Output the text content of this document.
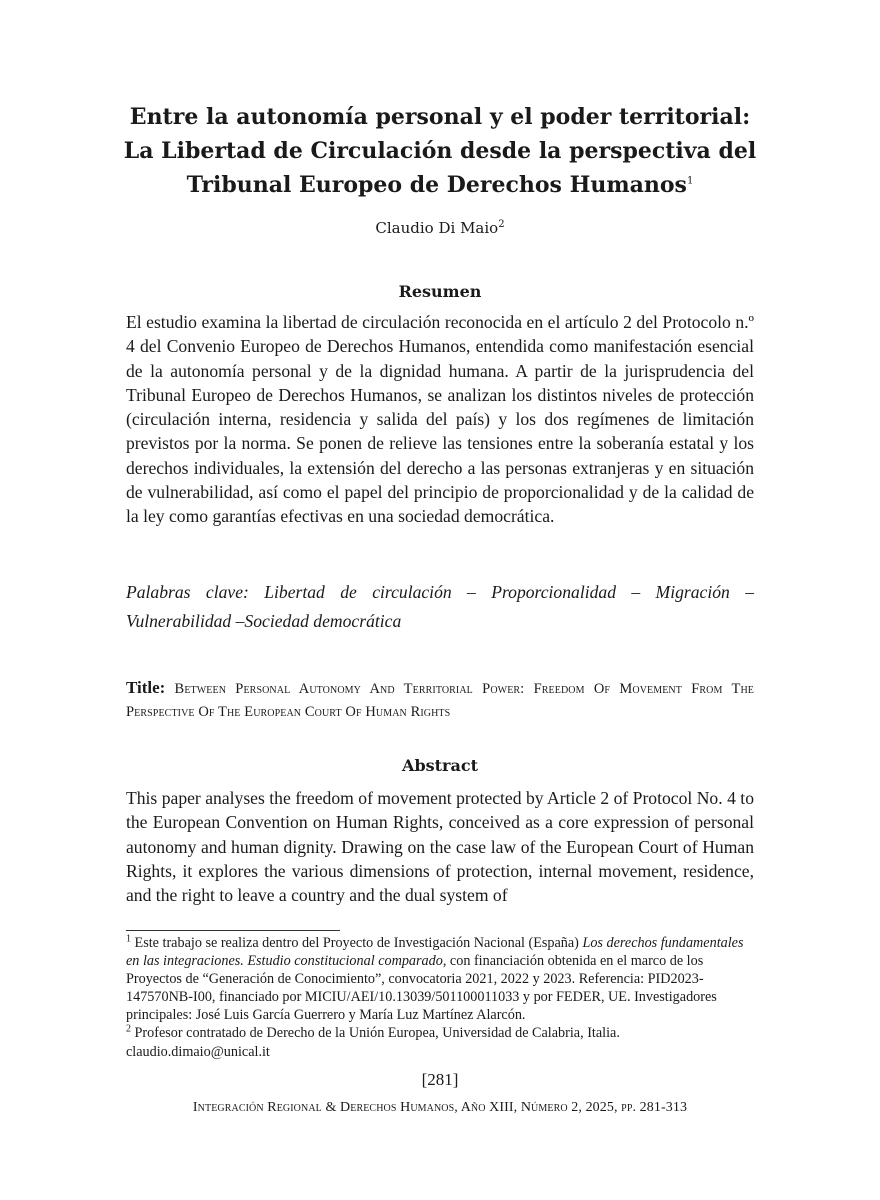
Entre la autonomía personal y el poder territorial:

La Libertad de Circulación desde la perspectiva del

Tribunal Europeo de Derechos Humanos$^1$

Claudio Di Maio$^2$
Resumen

El estudio examina la libertad de circulación reconocida en el artículo 2 del Protocolo n.º 4 del Convenio Europeo de Derechos Humanos, entendida como manifestación esencial de la autonomía personal y de la dignidad humana. A partir de la jurisprudencia del Tribunal Europeo de Derechos Humanos, se analizan los distintos niveles de protección (circulación interna, residencia y salida del país) y los dos regímenes de limitación previstos por la norma. Se ponen de relieve las tensiones entre la soberanía estatal y los derechos individuales, la extensión del derecho a las personas extranjeras y en situación de vulnerabilidad, así como el papel del principio de proporcionalidad y de la calidad de la ley como garantías efectivas en una sociedad democrática.

Palabras clave: Libertad de circulación – Proporcionalidad – Migración – Vulnerabilidad –Sociedad democrática

Title: Between Personal Autonomy And Territorial Power: Freedom Of Movement From The Perspective Of The European Court Of Human Rights

Abstract

This paper analyses the freedom of movement protected by Article 2 of Protocol No. 4 to the European Convention on Human Rights, conceived as a core expression of personal autonomy and human dignity. Drawing on the case law of the European Court of Human Rights, it explores the various dimensions of protection, internal movement, residence, and the right to leave a country and the dual system of

$^1$ Este trabajo se realiza dentro del Proyecto de Investigación Nacional (España) Los derechos fundamentales en las integraciones. Estudio constitucional comparado, con financiación obtenida en el marco de los Proyectos de “Generación de Conocimiento”, convocatoria 2021, 2022 y 2023. Referencia: PID2023-147570NB-I00, financiado por MICIU/AEI/10.13039/501100011033 y por FEDER, UE. Investigadores principales: José Luis García Guerrero y María Luz Martínez Alarcón.

$^2$ Profesor contratado de Derecho de la Unión Europea, Universidad de Calabria, Italia. claudio.dimaio@unical.it

[281]
Integración Regional & Derechos Humanos, Año XIII, Número 2, 2025, pp. 281-313
